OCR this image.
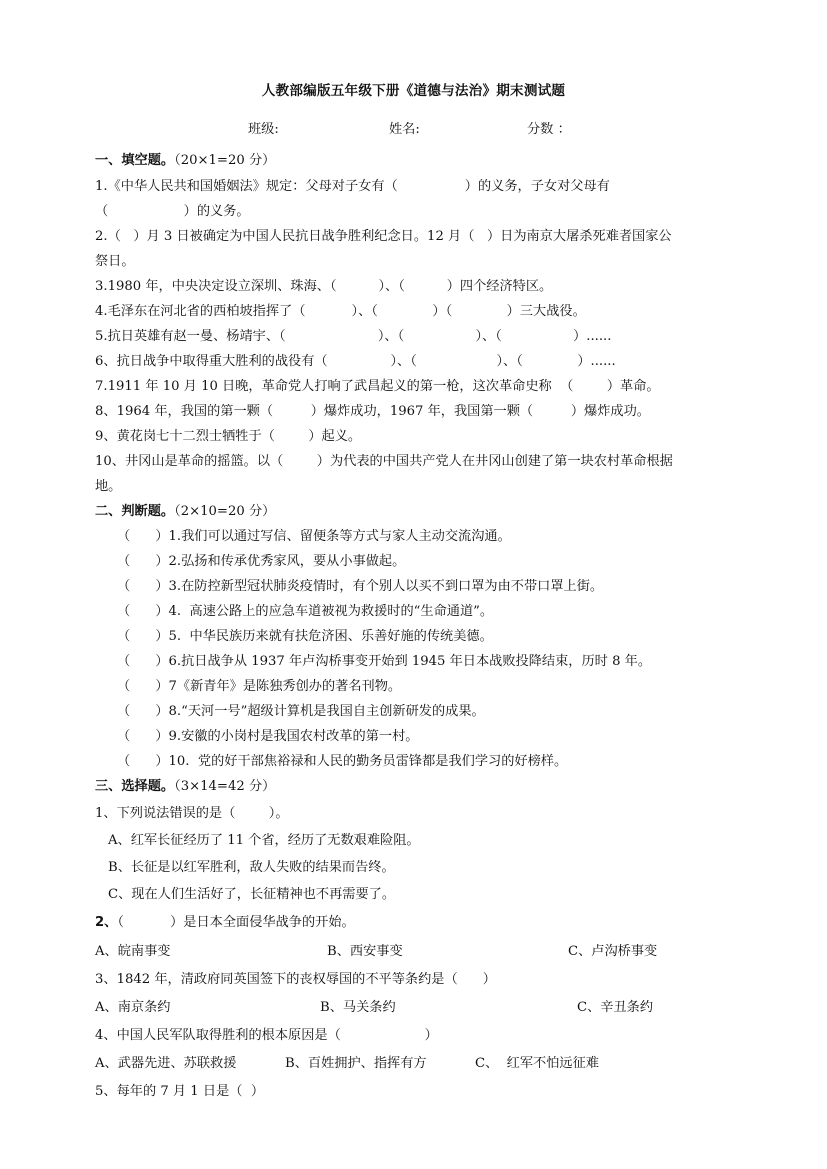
人教部编版五年级下册《道德与法治》期末测试题
班级:	姓名:	分数 ：
一、填空题。（20×1=20 分）
1.《中华人民共和国婚姻法》规定：父母对子女有（                ）的义务，子女对父母有
（                  ）的义务。
2.（   ）月 3 日被确定为中国人民抗日战争胜利纪念日。12 月（   ）日为南京大屠杀死难者国家公
祭日。
3.1980 年，中央决定设立深圳、珠海、（          ）、（          ）四个经济特区。
4.毛泽东在河北省的西柏坡指挥了（           ）、（             ）（             ）三大战役。
5.抗日英雄有赵一曼、杨靖宇、（                      ）、（                 ）、（                 ）......
6、抗日战争中取得重大胜利的战役有（               ）、（                   ）、（             ）......
7.1911 年 10 月 10 日晚，革命党人打响了武昌起义的第一枪，这次革命史称  （        ）革命。
8、1964 年，我国的第一颗（         ）爆炸成功，1967 年，我国第一颗（         ）爆炸成功。
9、黄花岗七十二烈士牺牲于（        ）起义。
10、井冈山是革命的摇篮。以（        ）为代表的中国共产党人在井冈山创建了第一块农村革命根据
地。
二、判断题。（2×10=20 分）
（      ）1.我们可以通过写信、留便条等方式与家人主动交流沟通。
（      ）2.弘扬和传承优秀家风，要从小事做起。
（      ）3.在防控新型冠状肺炎疫情时，有个别人以买不到口罩为由不带口罩上街。
（      ）4.  高速公路上的应急车道被视为救援时的“生命通道”。
（      ）5.  中华民族历来就有扶危济困、乐善好施的传统美德。
（      ）6.抗日战争从 1937 年卢沟桥事变开始到 1945 年日本战败投降结束，历时 8 年。
（      ）7《新青年》是陈独秀创办的著名刊物。
（      ）8.“天河一号”超级计算机是我国自主创新研发的成果。
（      ）9.安徽的小岗村是我国农村改革的第一村。
（      ）10.  党的好干部焦裕禄和人民的勤务员雷锋都是我们学习的好榜样。
三、选择题。（3×14=42 分）
1、下列说法错误的是（        ）。
A、红军长征经历了 11 个省，经历了无数艰难险阻。
B、长征是以红军胜利，敌人失败的结果而告终。
C、现在人们生活好了，长征精神也不再需要了。
2、（           ）是日本全面侵华战争的开始。
A、皖南事变	B、西安事变	C、卢沟桥事变
3、1842 年，清政府同英国签下的丧权辱国的不平等条约是（      ）
A、南京条约	B、马关条约	C、辛丑条约
4、中国人民军队取得胜利的根本原因是（                    ）
A、武器先进、苏联救援	B、百姓拥护、指挥有方	C、  红军不怕远征难
5、每年的 7 月 1 日是（  ）
